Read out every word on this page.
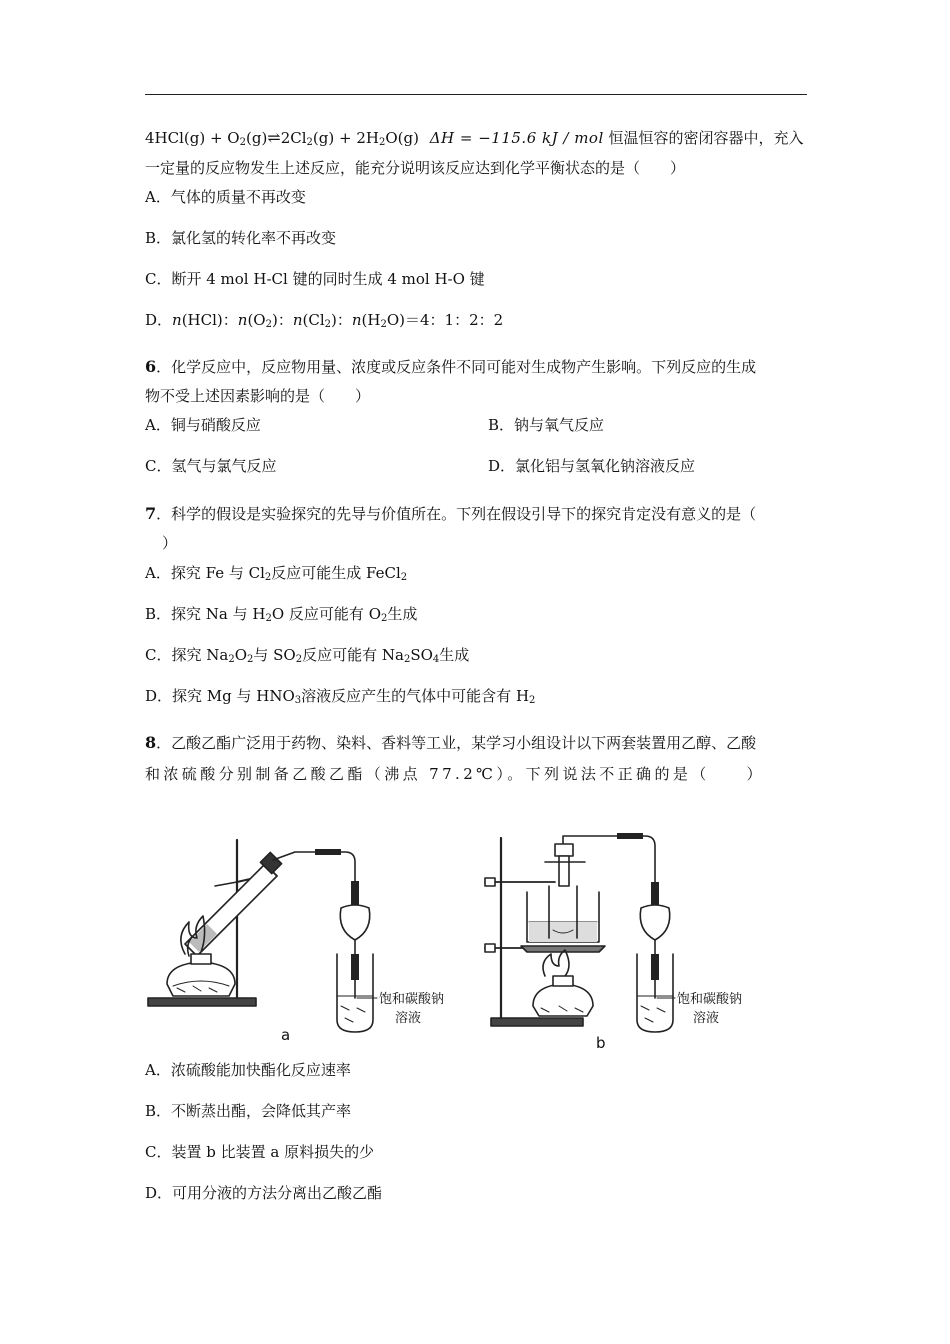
$4HCl(g) + O_2(g)\rightleftharpoons 2Cl_2(g) + 2H_2O(g) \Delta H = -115.6$ kJ / mol 恒温恒容的密闭容器中，充入
一定量的反应物发生上述反应，能充分说明该反应达到化学平衡状态的是（　　）
A．气体的质量不再改变
B．氯化氢的转化率不再改变
C．断开 4 mol H-Cl 键的同时生成 4 mol H-O 键
D．n(HCl)：$n(O_2)$：$n(Cl_2)$：$n(H_2O)=4$：1：2：2
6．化学反应中，反应物用量、浓度或反应条件不同可能对生成物产生影响。下列反应的生成
物不受上述因素影响的是（　　）
A．铜与硝酸反应	B．钠与氧气反应
C．氢气与氯气反应	D．氯化铝与氢氧化钠溶液反应
7．科学的假设是实验探究的先导与价值所在。下列在假设引导下的探究肯定没有意义的是（
）
A．探究 Fe 与 $Cl_2$反应可能生成 FeCl$_2$
B．探究 Na 与 $H_2O$ 反应可能有 $O_2$生成
C．探究 $Na_2O_2$与 $SO_2$反应可能有 $Na_2SO_4$生成
D．探究 Mg 与 $HNO_3$溶液反应产生的气体中可能含有 $H_2$
8．乙酸乙酯广泛用于药物、染料、香料等工业，某学习小组设计以下两套装置用乙醇、乙酸
和浓硫酸分别制备乙酸乙酯（沸点 77.2℃）。下列说法不正确的是（　　）
饱和碳酸钠
溶液
饱和碳酸钠
溶液
a	b
A．浓硫酸能加快酯化反应速率
B．不断蒸出酯，会降低其产率
C．装置 b 比装置 a 原料损失的少
D．可用分液的方法分离出乙酸乙酯
